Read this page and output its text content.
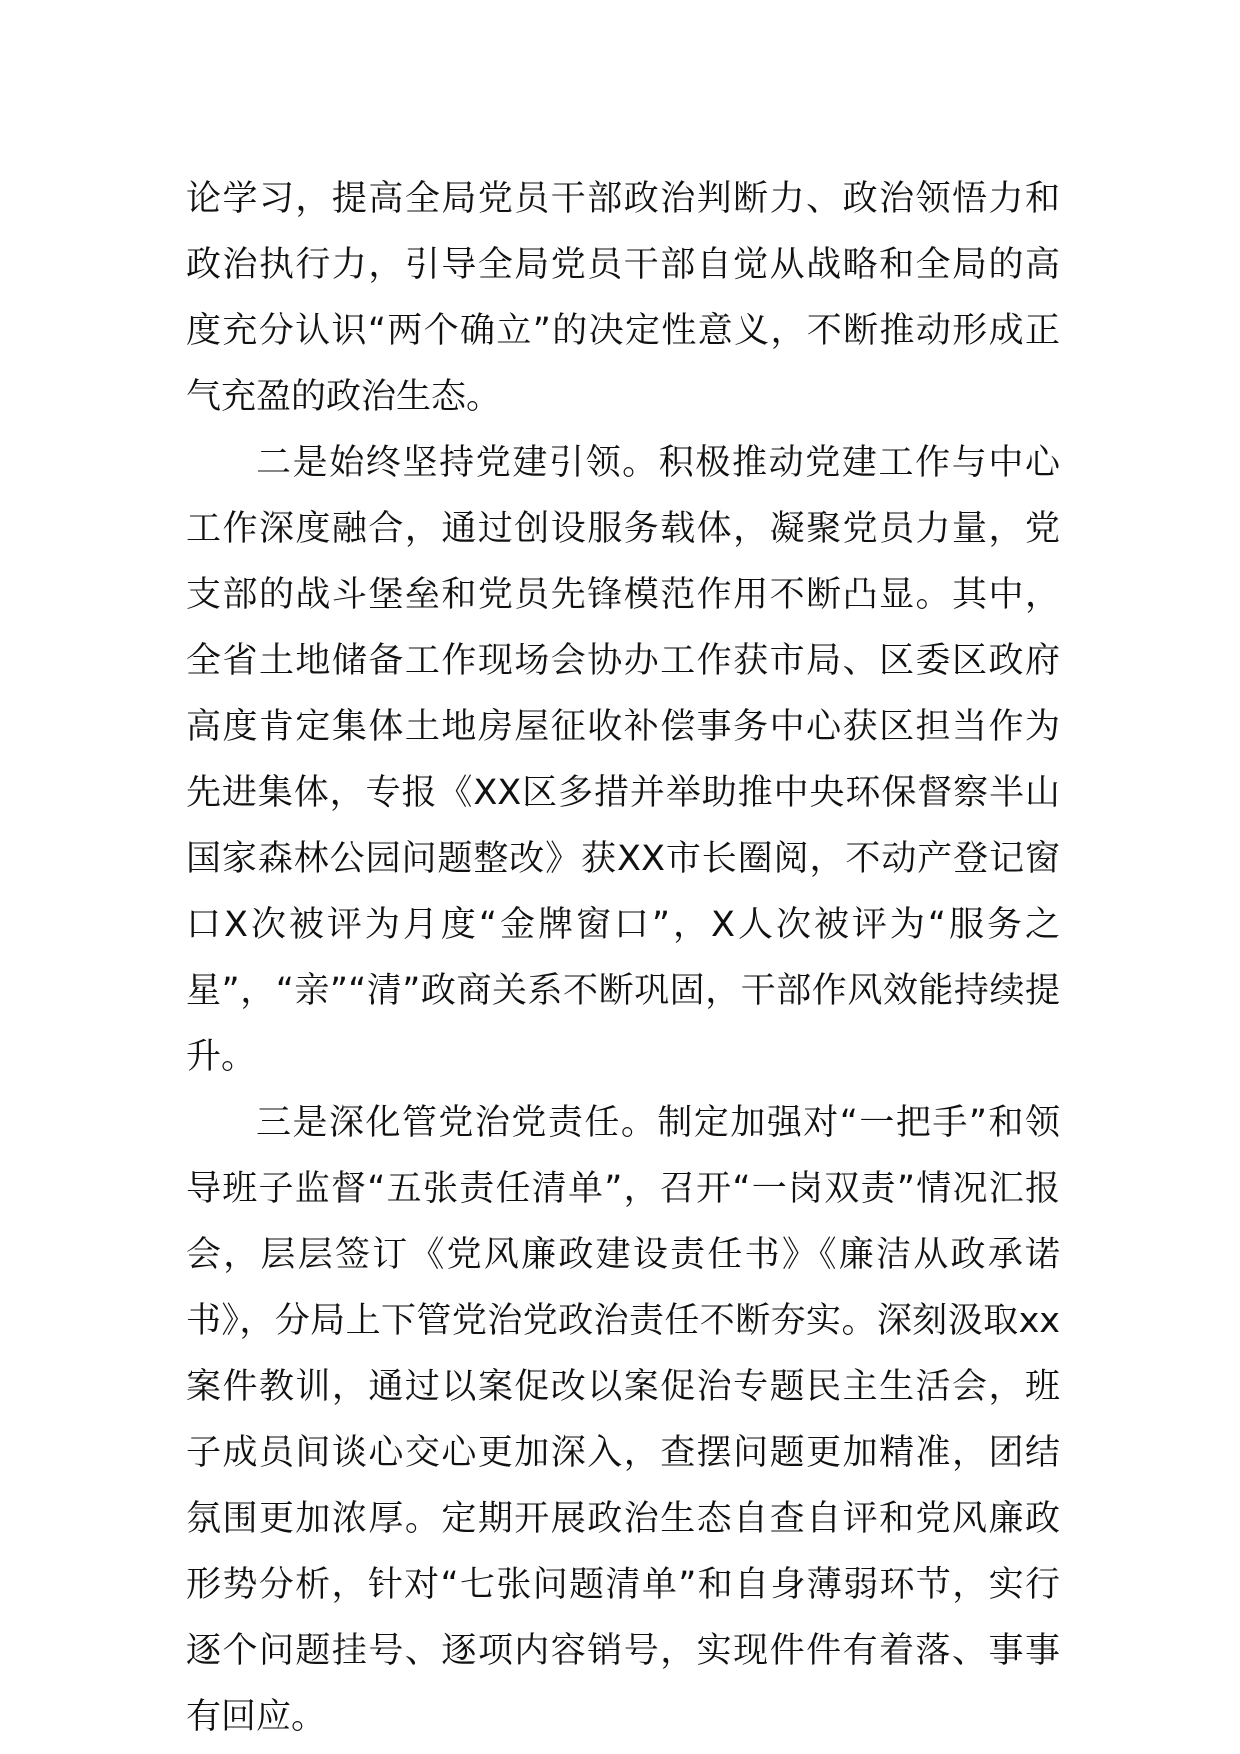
论学习，提高全局党员干部政治判断力、政治领悟力和政治执行力，引导全局党员干部自觉从战略和全局的高度充分认识“两个确立”的决定性意义，不断推动形成正气充盈的政治生态。

二是始终坚持党建引领。积极推动党建工作与中心工作深度融合，通过创设服务载体，凝聚党员力量，党支部的战斗堡垒和党员先锋模范作用不断凸显。其中，全省土地储备工作现场会协办工作获市局、区委区政府高度肯定集体土地房屋征收补偿事务中心获区担当作为先进集体，专报《XX区多措并举助推中央环保督察半山国家森林公园问题整改》获XX市长圈阅，不动产登记窗口X次被评为月度“金牌窗口”，X人次被评为“服务之星”，“亲”“清”政商关系不断巩固，干部作风效能持续提升。

三是深化管党治党责任。制定加强对“一把手”和领导班子监督“五张责任清单”，召开“一岗双责”情况汇报会，层层签订《党风廉政建设责任书》《廉洁从政承诺书》，分局上下管党治党政治责任不断夯实。深刻汲取xx案件教训，通过以案促改以案促治专题民主生活会，班子成员间谈心交心更加深入，查摆问题更加精准，团结氛围更加浓厚。定期开展政治生态自查自评和党风廉政形势分析，针对“七张问题清单”和自身薄弱环节，实行逐个问题挂号、逐项内容销号，实现件件有着落、事事有回应。
